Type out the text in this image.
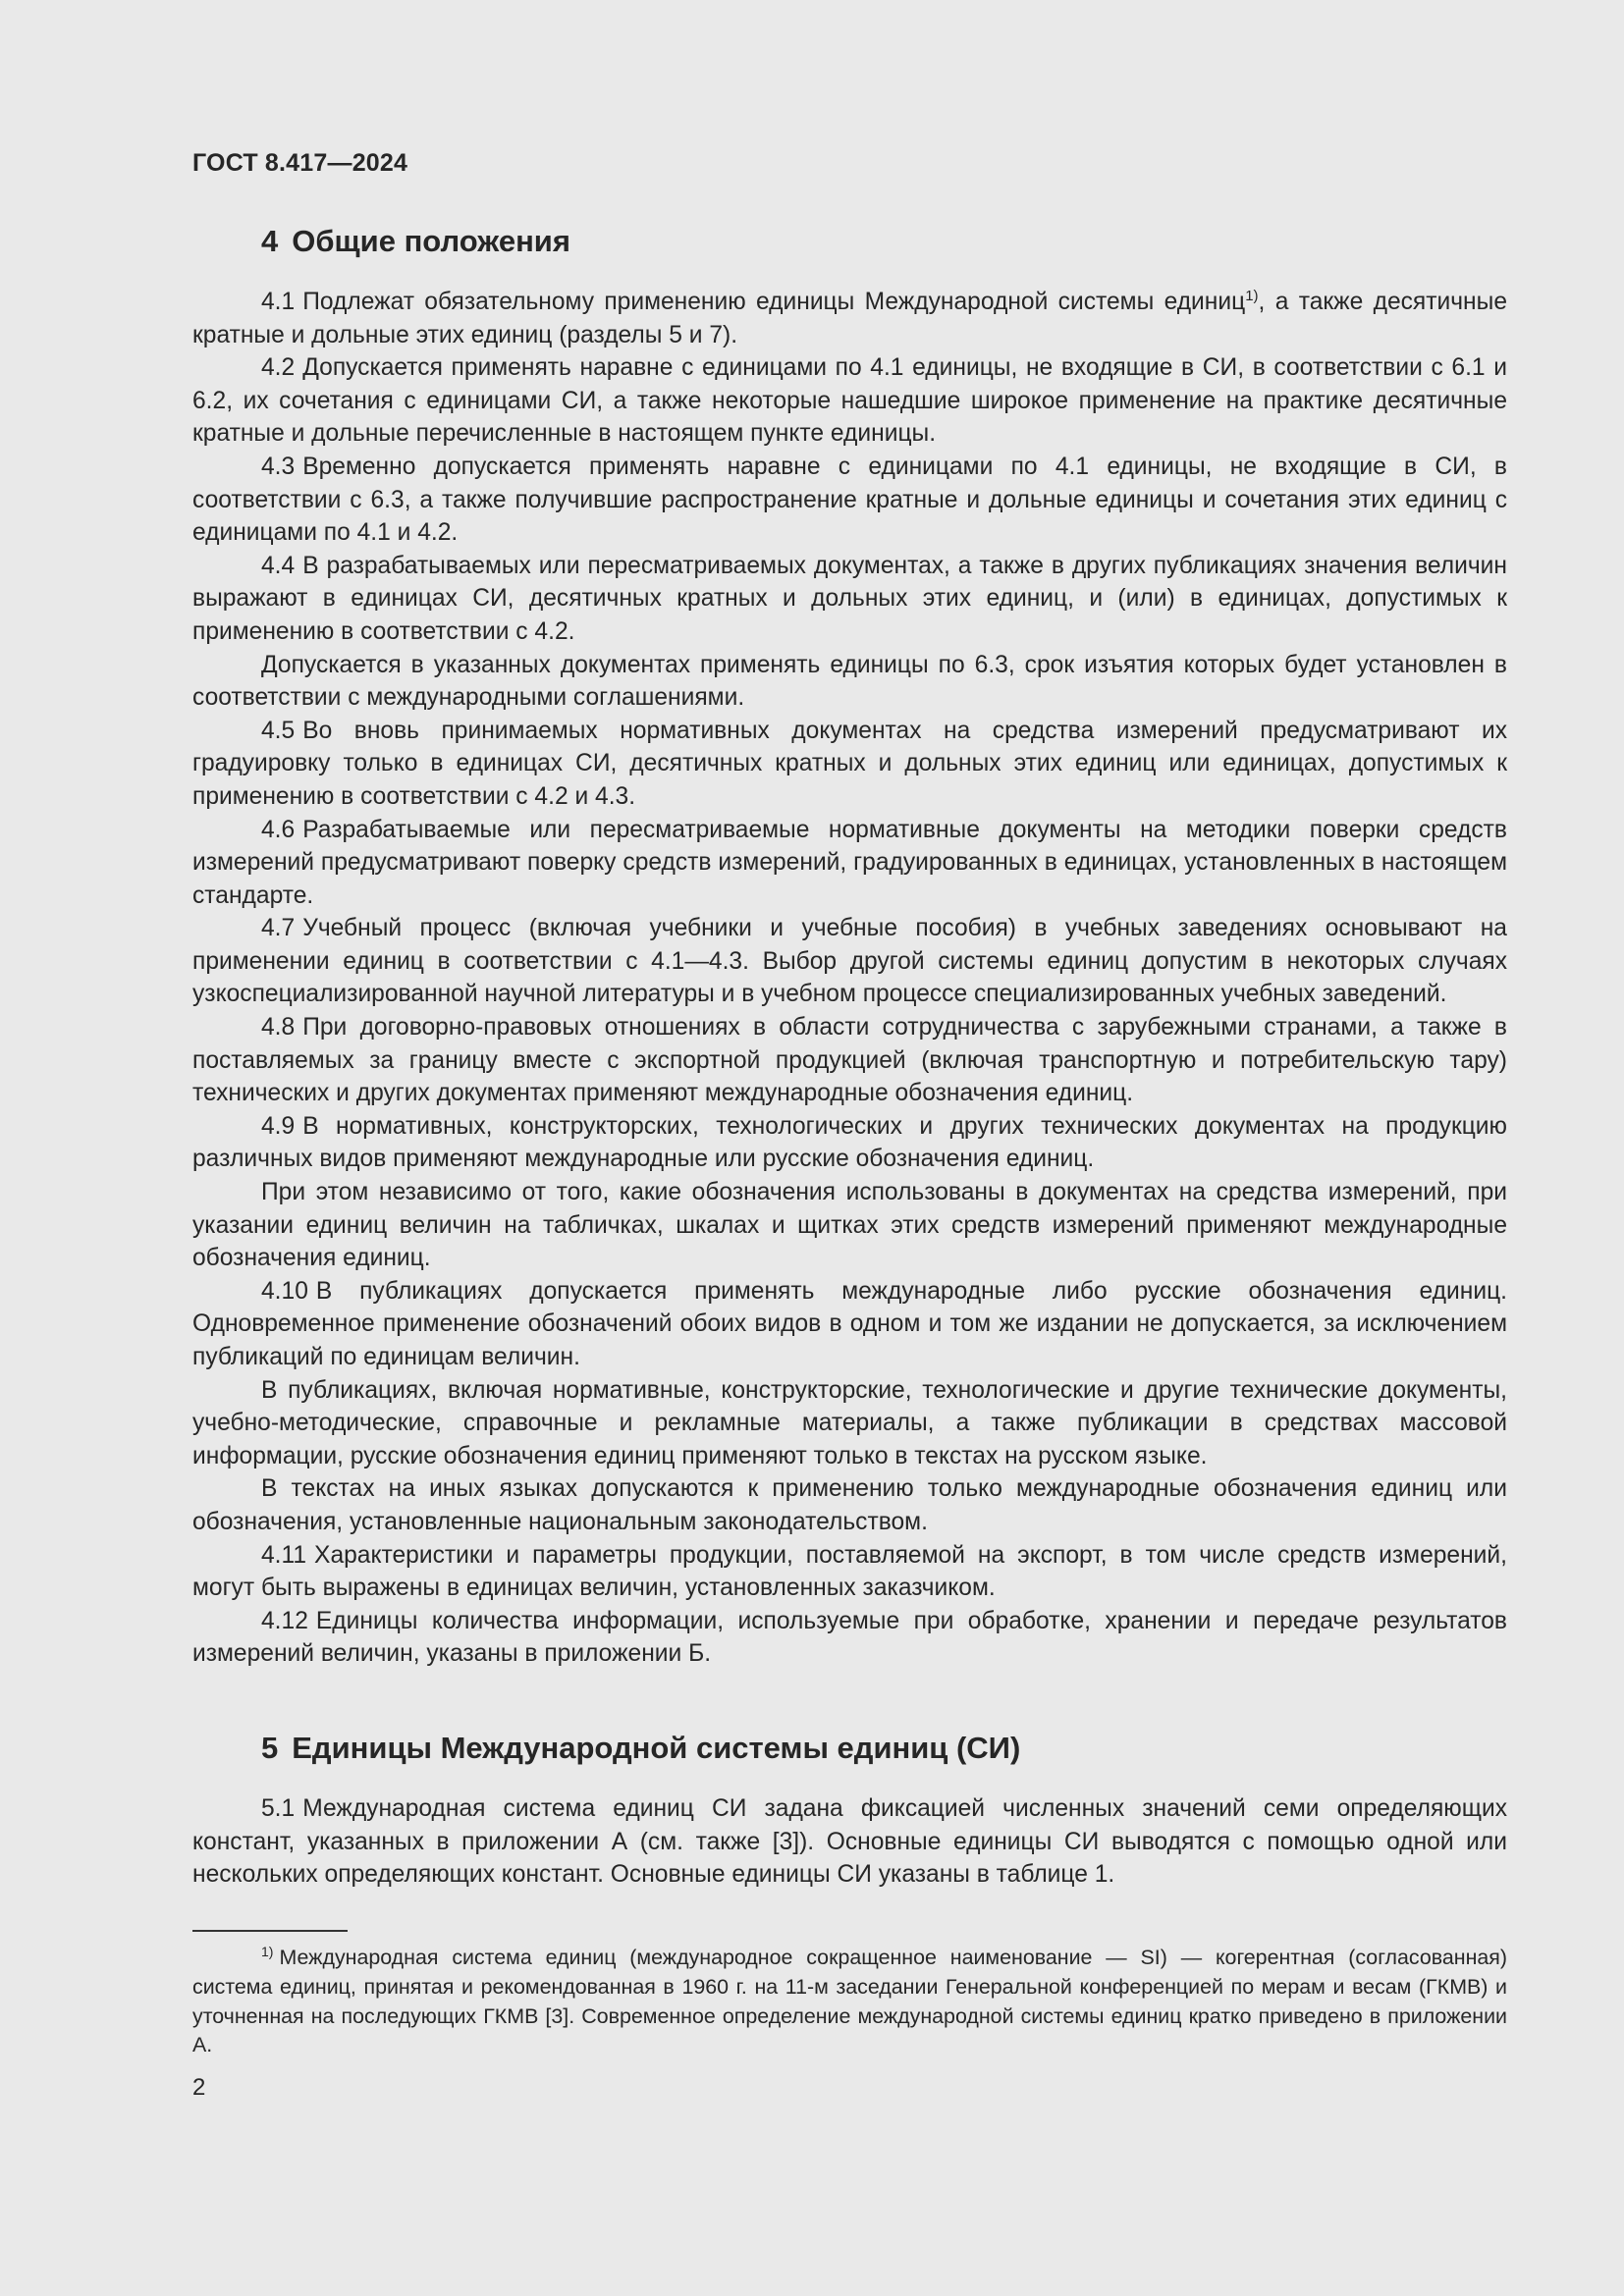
ГОСТ 8.417—2024
4 Общие положения

4.1 Подлежат обязательному применению единицы Международной системы единиц$^{1)}$, а также десятичные кратные и дольные этих единиц (разделы 5 и 7).

4.2 Допускается применять наравне с единицами по 4.1 единицы, не входящие в СИ, в соответствии с 6.1 и 6.2, их сочетания с единицами СИ, а также некоторые нашедшие широкое применение на практике десятичные кратные и дольные перечисленные в настоящем пункте единицы.

4.3 Временно допускается применять наравне с единицами по 4.1 единицы, не входящие в СИ, в соответствии с 6.3, а также получившие распространение кратные и дольные единицы и сочетания этих единиц с единицами по 4.1 и 4.2.

4.4 В разрабатываемых или пересматриваемых документах, а также в других публикациях значения величин выражают в единицах СИ, десятичных кратных и дольных этих единиц, и (или) в единицах, допустимых к применению в соответствии с 4.2.

Допускается в указанных документах применять единицы по 6.3, срок изъятия которых будет установлен в соответствии с международными соглашениями.

4.5 Во вновь принимаемых нормативных документах на средства измерений предусматривают их градуировку только в единицах СИ, десятичных кратных и дольных этих единиц или единицах, допустимых к применению в соответствии с 4.2 и 4.3.

4.6 Разрабатываемые или пересматриваемые нормативные документы на методики поверки средств измерений предусматривают поверку средств измерений, градуированных в единицах, установленных в настоящем стандарте.

4.7 Учебный процесс (включая учебники и учебные пособия) в учебных заведениях основывают на применении единиц в соответствии с 4.1—4.3. Выбор другой системы единиц допустим в некоторых случаях узкоспециализированной научной литературы и в учебном процессе специализированных учебных заведений.

4.8 При договорно-правовых отношениях в области сотрудничества с зарубежными странами, а также в поставляемых за границу вместе с экспортной продукцией (включая транспортную и потребительскую тару) технических и других документах применяют международные обозначения единиц.

4.9 В нормативных, конструкторских, технологических и других технических документах на продукцию различных видов применяют международные или русские обозначения единиц.

При этом независимо от того, какие обозначения использованы в документах на средства измерений, при указании единиц величин на табличках, шкалах и щитках этих средств измерений применяют международные обозначения единиц.

4.10 В публикациях допускается применять международные либо русские обозначения единиц. Одновременное применение обозначений обоих видов в одном и том же издании не допускается, за исключением публикаций по единицам величин.

В публикациях, включая нормативные, конструкторские, технологические и другие технические документы, учебно-методические, справочные и рекламные материалы, а также публикации в средствах массовой информации, русские обозначения единиц применяют только в текстах на русском языке.

В текстах на иных языках допускаются к применению только международные обозначения единиц или обозначения, установленные национальным законодательством.

4.11 Характеристики и параметры продукции, поставляемой на экспорт, в том числе средств измерений, могут быть выражены в единицах величин, установленных заказчиком.

4.12 Единицы количества информации, используемые при обработке, хранении и передаче результатов измерений величин, указаны в приложении Б.

5 Единицы Международной системы единиц (СИ)

5.1 Международная система единиц СИ задана фиксацией численных значений семи определяющих констант, указанных в приложении А (см. также [3]). Основные единицы СИ выводятся с помощью одной или нескольких определяющих констант. Основные единицы СИ указаны в таблице 1.

$^{1)}$ Международная система единиц (международное сокращенное наименование — SI) — когерентная (согласованная) система единиц, принятая и рекомендованная в 1960 г. на 11-м заседании Генеральной конференцией по мерам и весам (ГКМВ) и уточненная на последующих ГКМВ [3]. Современное определение международной системы единиц кратко приведено в приложении А.

2
